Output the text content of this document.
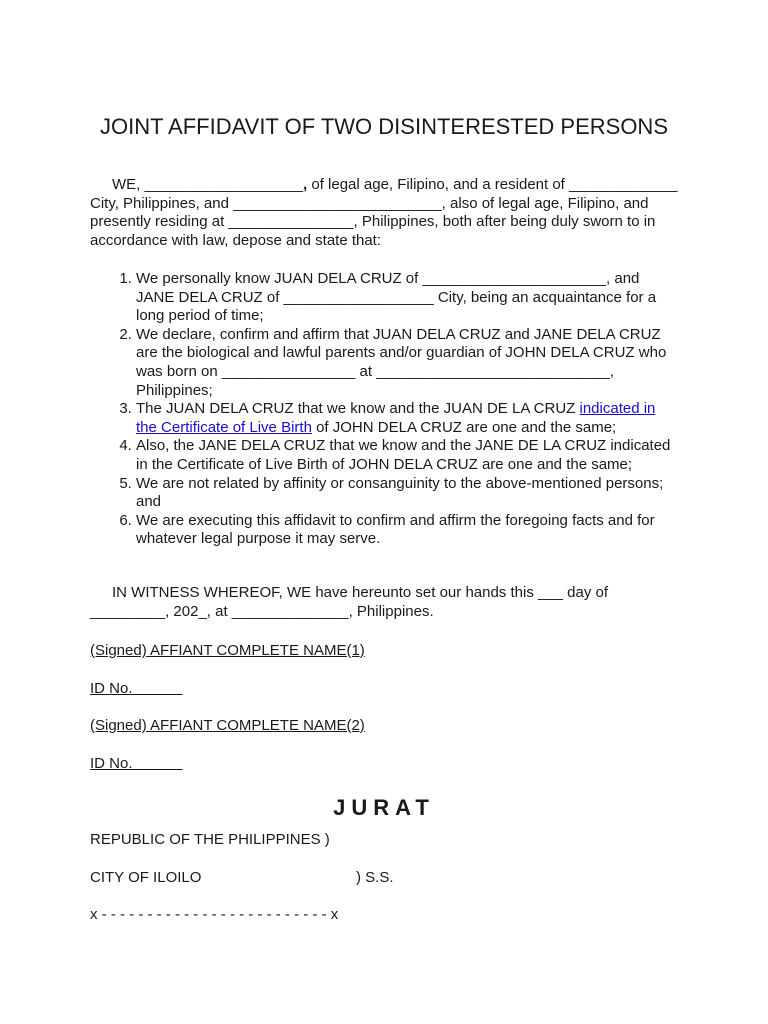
JOINT AFFIDAVIT OF TWO DISINTERESTED PERSONS

WE, ___________________, of legal age, Filipino, and a resident of _____________ City, Philippines, and _________________________, also of legal age, Filipino, and presently residing at _______________, Philippines, both after being duly sworn to in accordance with law, depose and state that:

1. We personally know JUAN DELA CRUZ of ______________________, and JANE DELA CRUZ of __________________ City, being an acquaintance for a long period of time;
2. We declare, confirm and affirm that JUAN DELA CRUZ and JANE DELA CRUZ are the biological and lawful parents and/or guardian of JOHN DELA CRUZ who was born on ________________ at ____________________________, Philippines;
3. The JUAN DELA CRUZ that we know and the JUAN DE LA CRUZ indicated in the Certificate of Live Birth of JOHN DELA CRUZ are one and the same;
4. Also, the JANE DELA CRUZ that we know and the JANE DE LA CRUZ indicated in the Certificate of Live Birth of JOHN DELA CRUZ are one and the same;
5. We are not related by affinity or consanguinity to the above-mentioned persons; and
6. We are executing this affidavit to confirm and affirm the foregoing facts and for whatever legal purpose it may serve.

IN WITNESS WHEREOF, WE have hereunto set our hands this ___ day of _________, 202_, at ______________, Philippines.

(Signed) AFFIANT COMPLETE NAME(1)

ID No.

(Signed) AFFIANT COMPLETE NAME(2)

ID No.

JURAT

REPUBLIC OF THE PHILIPPINES )

CITY OF ILOILO	) S.S.

x - - - - - - - - - - - - - - - - - - - - - - - - - x
